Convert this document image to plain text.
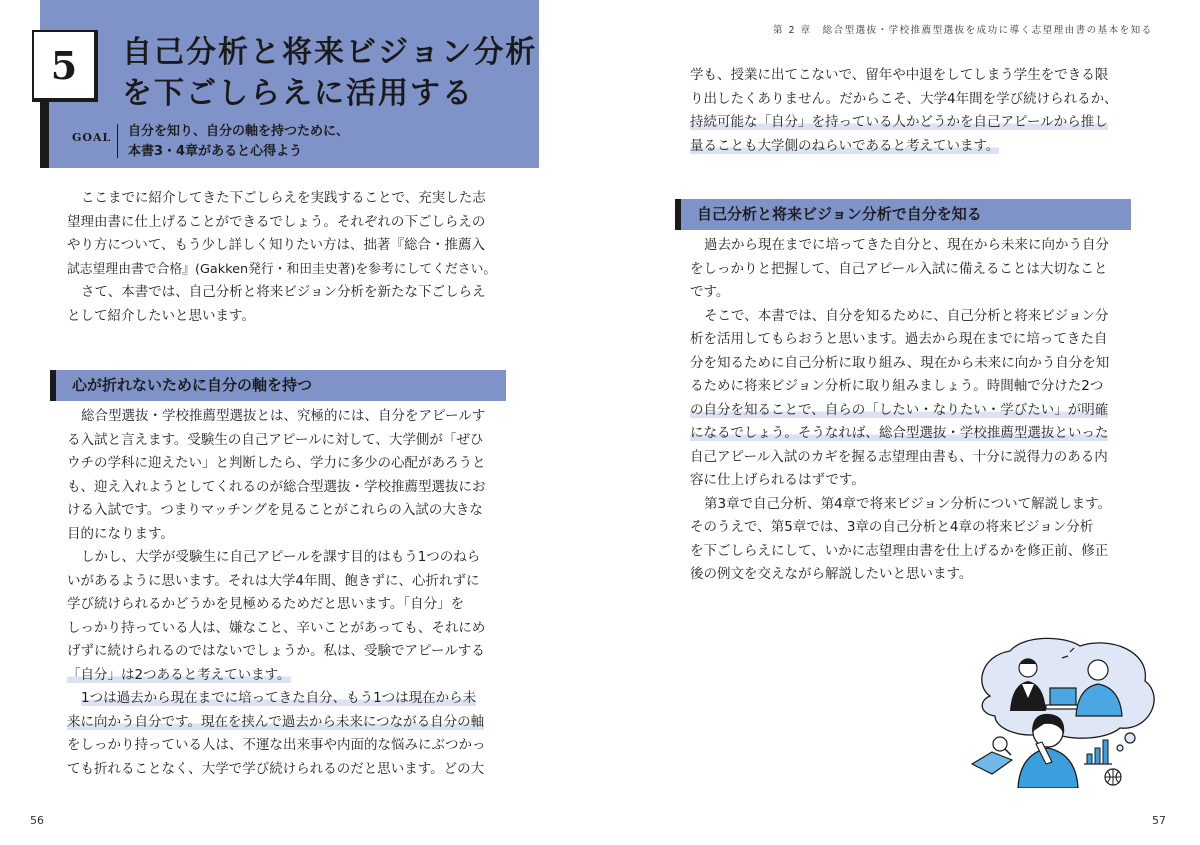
5	自己分析と将来ビジョン分析
を下ごしらえに活用する
GOAL 自分を知り、自分の軸を持つために、
本書3・4章があると心得よう
ここまでに紹介してきた下ごしらえを実践することで、充実した志
望理由書に仕上げることができるでしょう。それぞれの下ごしらえの
やり方について、もう少し詳しく知りたい方は、拙著『総合・推薦入
試志望理由書で合格』(Gakken発行・和田圭史著)を参考にしてください。
さて、本書では、自己分析と将来ビジョン分析を新たな下ごしらえ
として紹介したいと思います。
心が折れないために自分の軸を持つ
総合型選抜・学校推薦型選抜とは、究極的には、自分をアピールす
る入試と言えます。受験生の自己アピールに対して、大学側が「ぜひ
ウチの学科に迎えたい」と判断したら、学力に多少の心配があろうと
も、迎え入れようとしてくれるのが総合型選抜・学校推薦型選抜にお
ける入試です。つまりマッチングを見ることがこれらの入試の大きな
目的になります。
しかし、大学が受験生に自己アピールを課す目的はもう1つのねら
いがあるように思います。それは大学4年間、飽きずに、心折れずに
学び続けられるかどうかを見極めるためだと思います。「自分」を
しっかり持っている人は、嫌なこと、辛いことがあっても、それにめ
げずに続けられるのではないでしょうか。私は、受験でアピールする
「自分」は2つあると考えています。
1つは過去から現在までに培ってきた自分、もう1つは現在から未
来に向かう自分です。現在を挟んで過去から未来につながる自分の軸
をしっかり持っている人は、不運な出来事や内面的な悩みにぶつかっ
ても折れることなく、大学で学び続けられるのだと思います。どの大
56
第 2 章　総合型選抜・学校推薦型選抜を成功に導く志望理由書の基本を知る
学も、授業に出てこないで、留年や中退をしてしまう学生をできる限
り出したくありません。だからこそ、大学4年間を学び続けられるか、
持続可能な「自分」を持っている人かどうかを自己アピールから推し
量ることも大学側のねらいであると考えています。
自己分析と将来ビジョン分析で自分を知る
過去から現在までに培ってきた自分と、現在から未来に向かう自分
をしっかりと把握して、自己アピール入試に備えることは大切なこと
です。
そこで、本書では、自分を知るために、自己分析と将来ビジョン分
析を活用してもらおうと思います。過去から現在までに培ってきた自
分を知るために自己分析に取り組み、現在から未来に向かう自分を知
るために将来ビジョン分析に取り組みましょう。時間軸で分けた2つ
の自分を知ることで、自らの「したい・なりたい・学びたい」が明確
になるでしょう。そうなれば、総合型選抜・学校推薦型選抜といった
自己アピール入試のカギを握る志望理由書も、十分に説得力のある内
容に仕上げられるはずです。
第3章で自己分析、第4章で将来ビジョン分析について解説します。
そのうえで、第5章では、3章の自己分析と4章の将来ビジョン分析
を下ごしらえにして、いかに志望理由書を仕上げるかを修正前、修正
後の例文を交えながら解説したいと思います。
57
